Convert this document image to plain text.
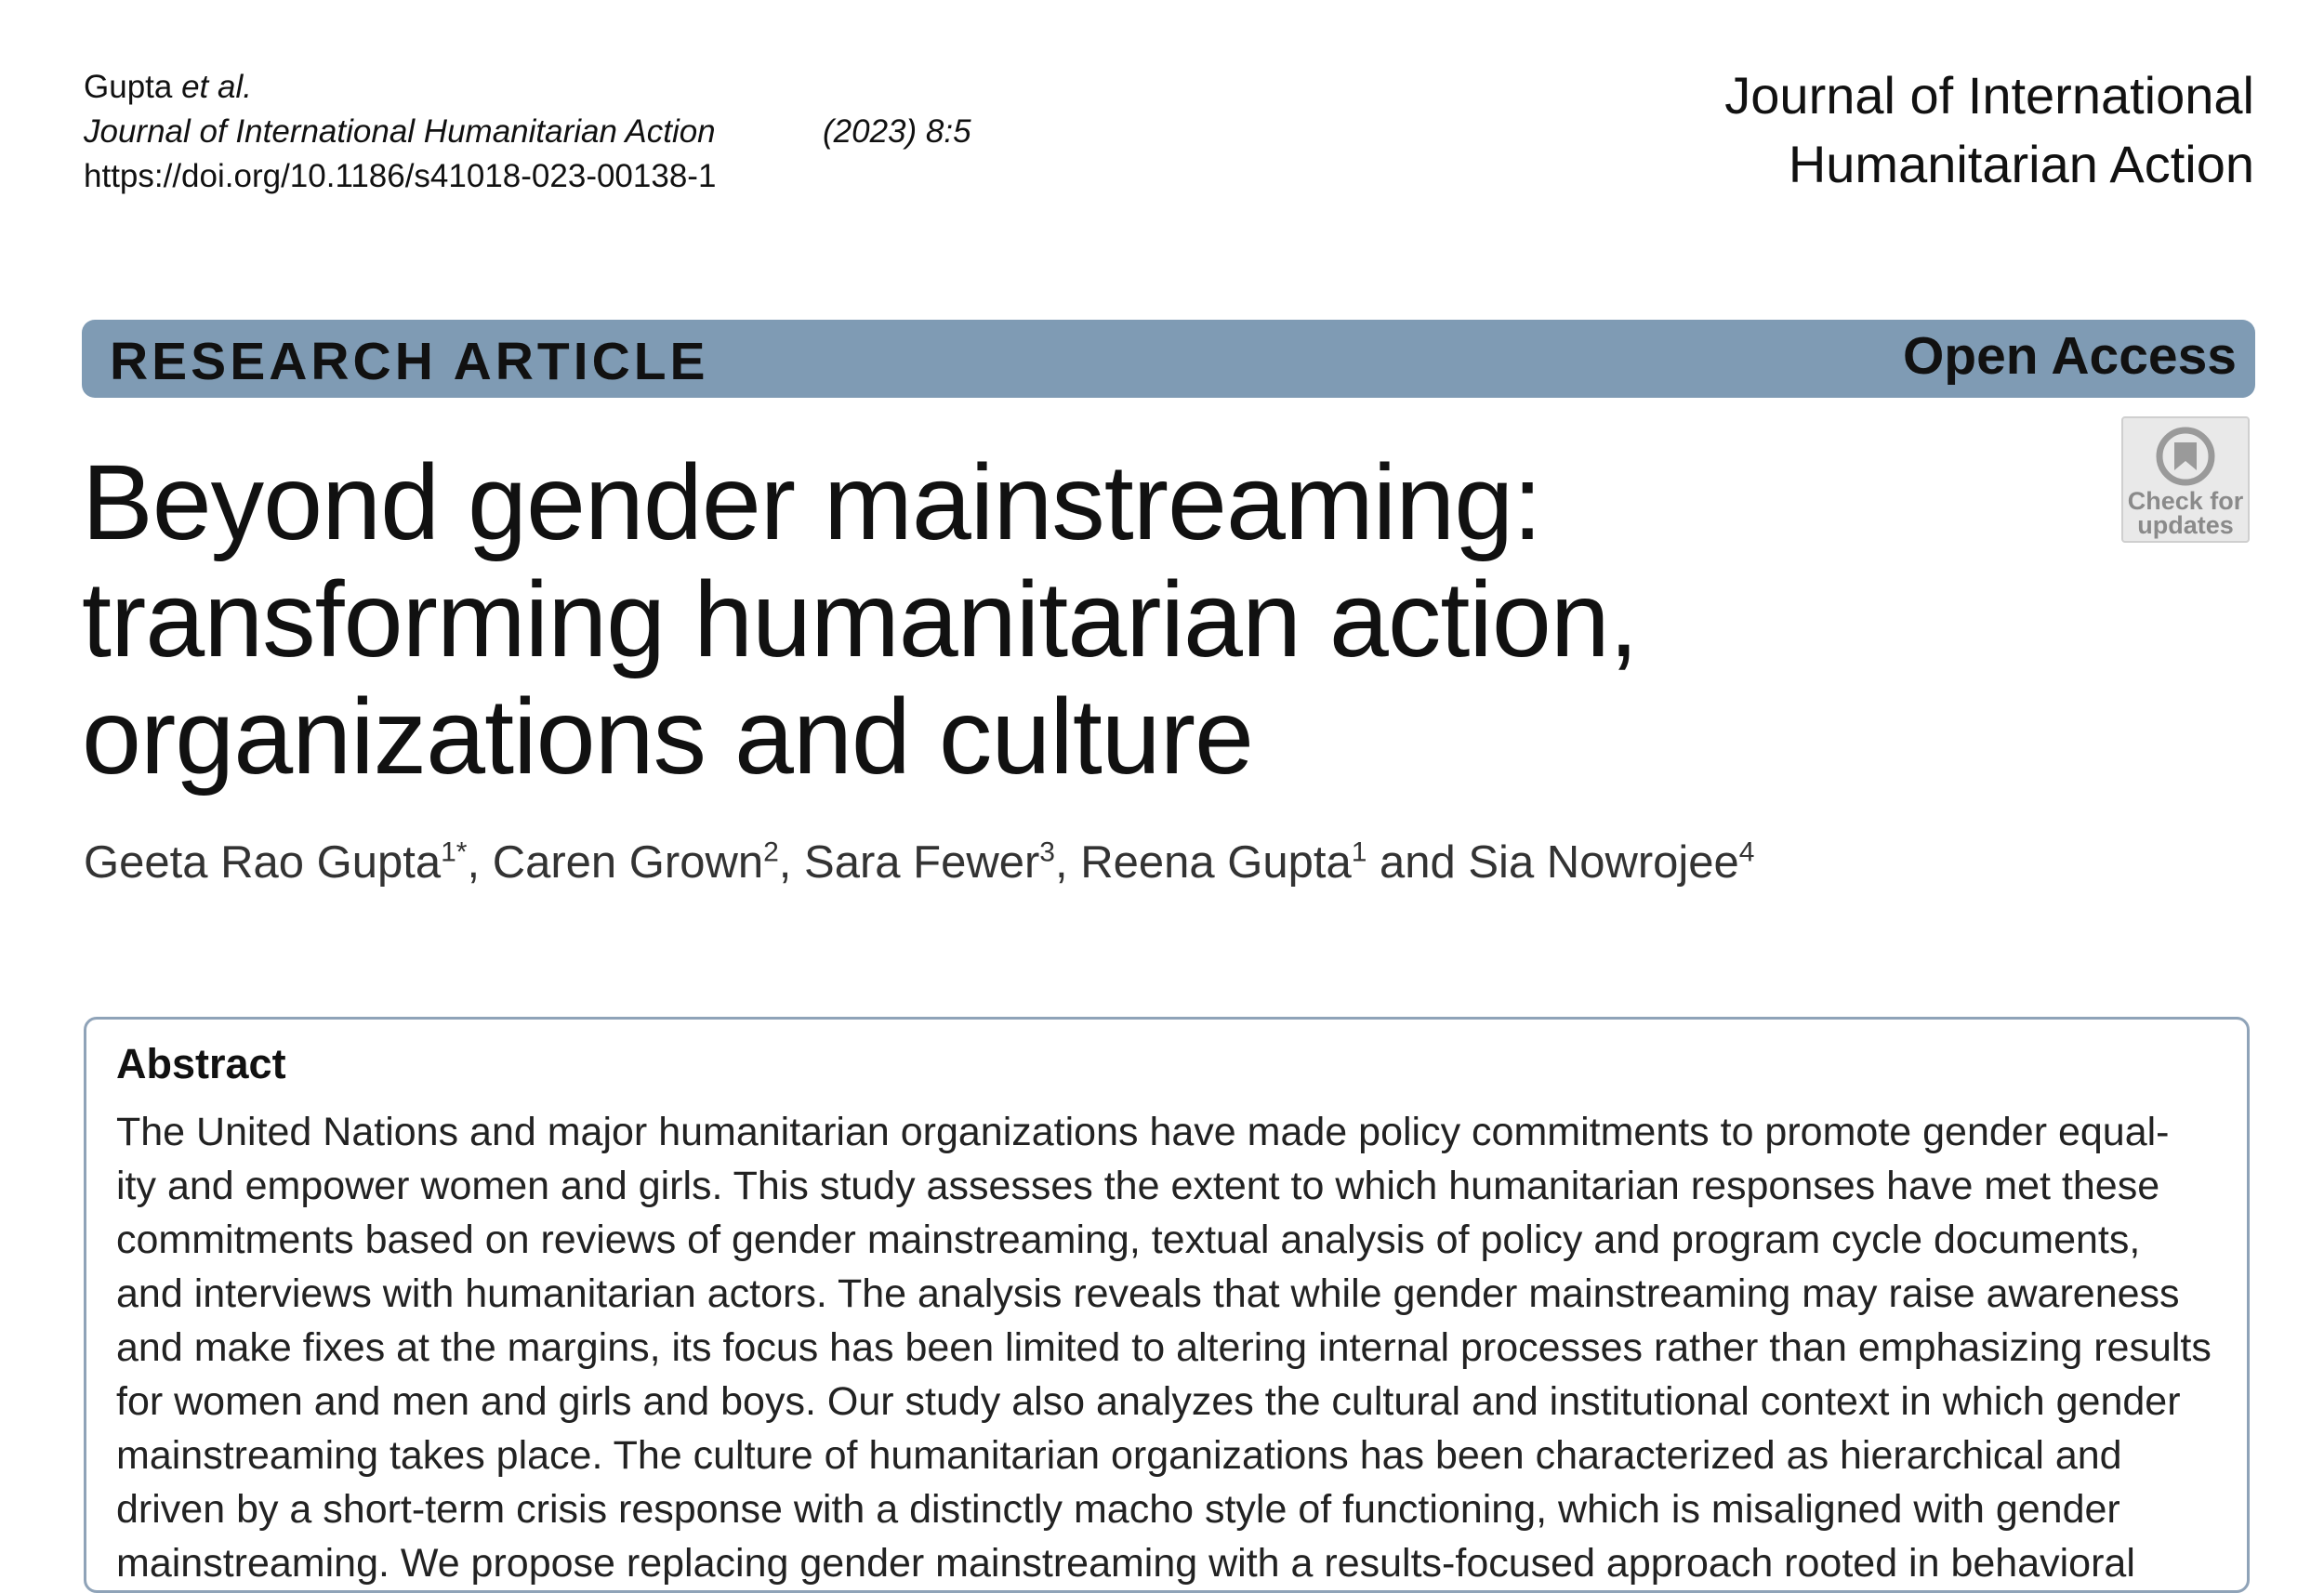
Gupta et al.
Journal of International Humanitarian Action	(2023) 8:5
https://doi.org/10.1186/s41018-023-00138-1
Journal of International
Humanitarian Action
RESEARCH ARTICLE	Open Access
Check for
updates
Beyond gender mainstreaming:
transforming humanitarian action,
organizations and culture
Geeta Rao Gupta$^{1*}$, Caren Grown$^2$, Sara Fewer$^3$, Reena Gupta$^1$ and Sia Nowrojee$^4$
Abstract
The United Nations and major humanitarian organizations have made policy commitments to promote gender equal-
ity and empower women and girls. This study assesses the extent to which humanitarian responses have met these
commitments based on reviews of gender mainstreaming, textual analysis of policy and program cycle documents,
and interviews with humanitarian actors. The analysis reveals that while gender mainstreaming may raise awareness
and make fixes at the margins, its focus has been limited to altering internal processes rather than emphasizing results
for women and men and girls and boys. Our study also analyzes the cultural and institutional context in which gender
mainstreaming takes place. The culture of humanitarian organizations has been characterized as hierarchical and
driven by a short-term crisis response with a distinctly macho style of functioning, which is misaligned with gender
mainstreaming. We propose replacing gender mainstreaming with a results-focused approach rooted in behavioral
